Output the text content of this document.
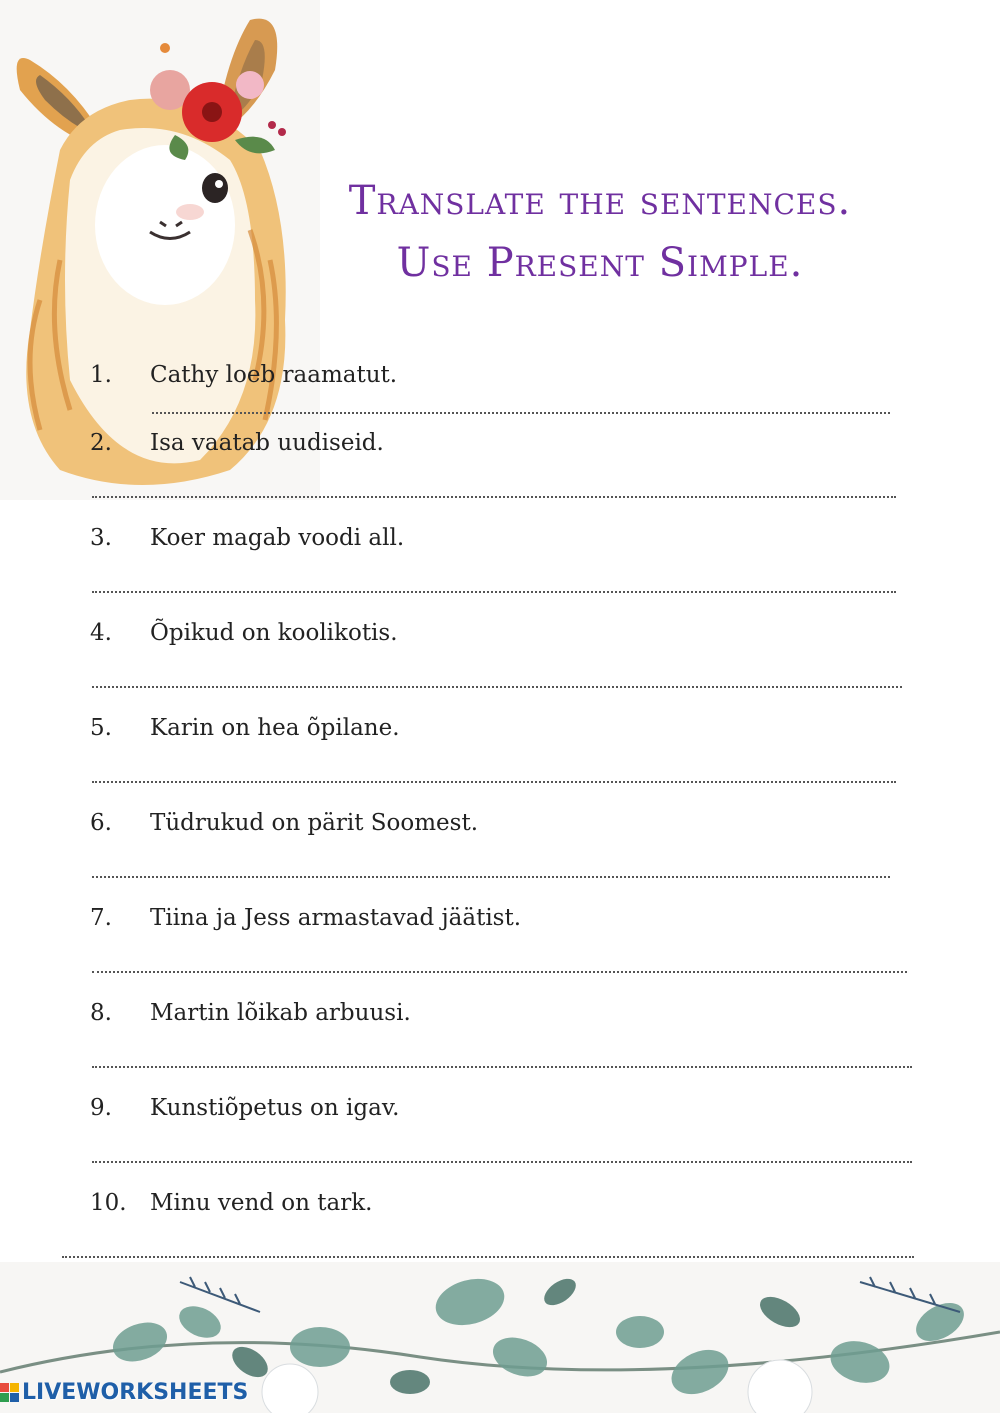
Translate the sentences.
Use Present Simple.
1.	Cathy loeb raamatut.
2.	Isa vaatab uudiseid.
3.	Koer magab voodi all.
4.	Õpikud on koolikotis.
5.	Karin on hea õpilane.
6.	Tüdrukud on pärit Soomest.
7.	Tiina ja Jess armastavad jäätist.
8.	Martin lõikab arbuusi.
9.	Kunstiõpetus on igav.
10.	Minu vend on tark.
LIVEWORKSHEETS
